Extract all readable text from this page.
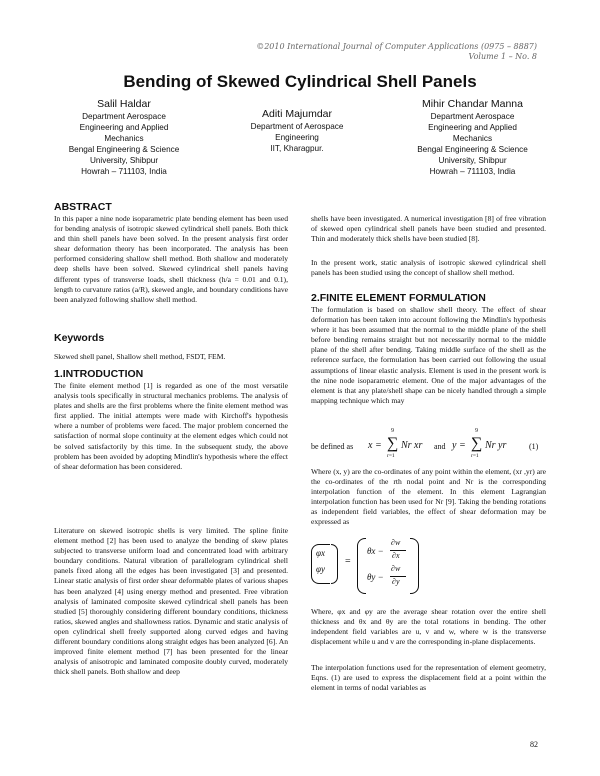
©2010 International Journal of Computer Applications (0975 – 8887)
Volume 1 – No. 8
Bending of Skewed Cylindrical Shell Panels
Salil Haldar
Department Aerospace
Engineering and Applied
Mechanics
Bengal Engineering & Science
University, Shibpur
Howrah – 711103, India
Aditi Majumdar
Department of Aerospace
Engineering
IIT, Kharagpur.
Mihir Chandar Manna
Department Aerospace
Engineering and Applied
Mechanics
Bengal Engineering & Science
University, Shibpur
Howrah – 711103, India
ABSTRACT
In this paper a nine node isoparametric plate bending element has been used for bending analysis of isotropic skewed cylindrical shell panels. Both thick and thin shell panels have been solved. In the present analysis first order shear deformation theory has been incorporated. The analysis has been performed considering shallow shell method. Both shallow and moderately deep shells have been solved. Skewed cylindrical shell panels having different types of transverse loads, shell thickness (h/a = 0.01 and 0.1), length to curvature ratios (a/R), skewed angle, and boundary conditions have been analyzed following shallow shell method.
Keywords
Skewed shell panel, Shallow shell method, FSDT, FEM.
1.INTRODUCTION
The finite element method [1] is regarded as one of the most versatile analysis tools specifically in structural mechanics problems. The analysis of plates and shells are the first problems where the finite element method was first applied. The initial attempts were made with Kirchoff's hypothesis where a number of problems were faced. The major problem concerned the satisfaction of normal slope continuity at the element edges which could not be solved satisfactorily by this time. In the subsequent study, the above problem has been avoided by adopting Mindlin's hypothesis where the effect of shear deformation has been considered.
Literature on skewed isotropic shells is very limited. The spline finite element method [2] has been used to analyze the bending of skew plates subjected to transverse uniform load and concentrated load with arbitrary boundary conditions. Natural vibration of parallelogram cylindrical shell panels fixed along all the edges has been investigated [3] and presented. Linear static analysis of first order shear deformable plates of various shapes has been analyzed [4] using energy method and presented. Free vibration analysis of laminated composite skewed cylindrical shell panels has been studied [5] thoroughly considering different boundary conditions, thickness ratios, skewed angles and shallowness ratios. Dynamic and static analysis of open cylindrical shell freely supported along curved edges and having different boundary conditions along straight edges has been analyzed [6]. An improved finite element method [7] has been presented for the linear analysis of anisotropic and laminated composite doubly curved, moderately thick shell panels. Both shallow and deep
shells have been investigated. A numerical investigation [8] of free vibration of skewed open cylindrical shell panels have been studied and presented. Thin and moderately thick shells have been studied [8].
In the present work, static analysis of isotropic skewed cylindrical shell panels has been studied using the concept of shallow shell method.
2.FINITE ELEMENT FORMULATION
The formulation is based on shallow shell theory. The effect of shear deformation has been taken into account following the Mindlin's hypothesis where it has been assumed that the normal to the middle plane of the shell before bending remains straight but not necessarily normal to the middle plane of the shell after bending. Taking middle surface of the shell as the reference surface, the formulation has been carried out following the usual assumptions of linear elastic analysis. Element is used in the present work is the nine node isoparametric element. One of the major advantages of the element is that any plate/shell shape can be nicely handled through a simple mapping technique which may
be defined as x =
9
∑
r=1
Nr xr and y =
9
∑
r=1
Nr yr	(1)
Where (x, y) are the co-ordinates of any point within the element, (xr ,yr) are the co-ordinates of the rth nodal point and Nr is the corresponding interpolation function of the element. In this element Lagrangian interpolation function has been used for Nr [9]. Taking the bending rotations as independent field variables, the effect of shear deformation may be expressed as
φx
φy
=
θx −
∂w
∂x
θy −
∂w
∂y
Where, φx and φy are the average shear rotation over the entire shell thickness and θx and θy are the total rotations in bending. The other independent field variables are u, v and w, where w is the transverse displacement while u and v are the corresponding in-plane displacements.
The interpolation functions used for the representation of element geometry, Eqns. (1) are used to express the displacement field at a point within the element in terms of nodal variables as
82
